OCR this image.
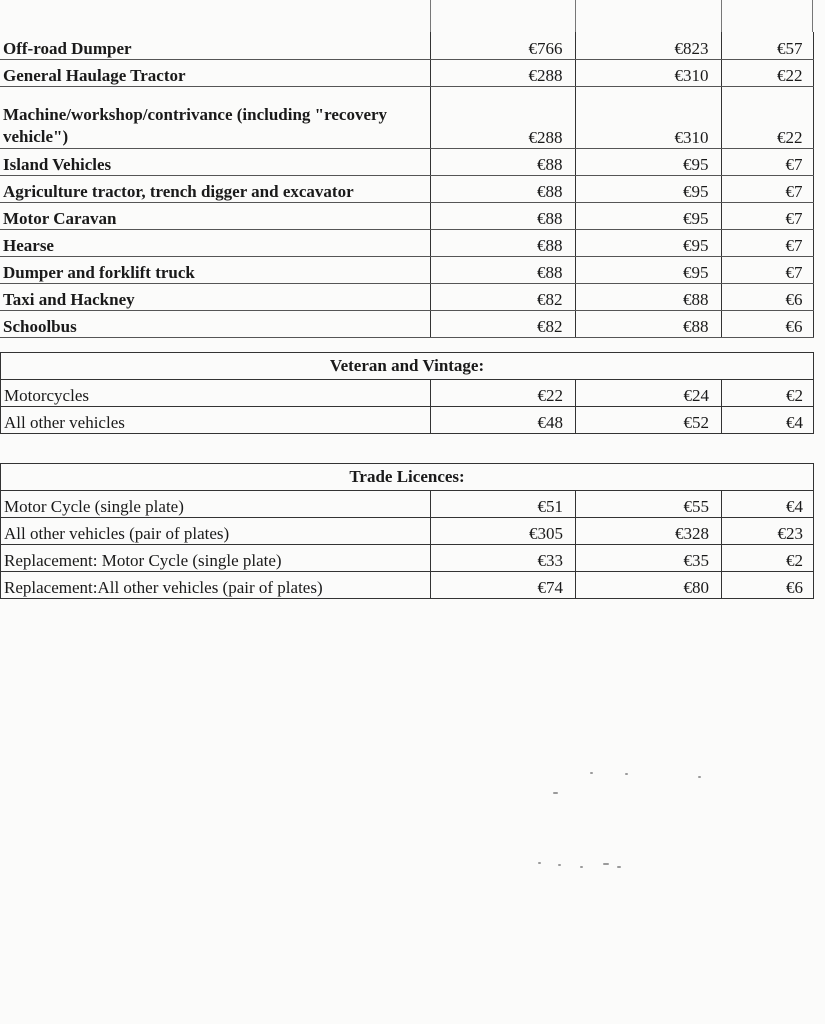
Off-road Dumper	€766	€823	€57
General Haulage Tractor	€288	€310	€22
Machine/workshop/contrivance (including "recovery vehicle")	€288	€310	€22
Island Vehicles	€88	€95	€7
Agriculture tractor, trench digger and excavator	€88	€95	€7
Motor Caravan	€88	€95	€7
Hearse	€88	€95	€7
Dumper and forklift truck	€88	€95	€7
Taxi and Hackney	€82	€88	€6
Schoolbus	€82	€88	€6
Veteran and Vintage:			
Motorcycles	€22	€24	€2
All other vehicles	€48	€52	€4
Trade Licences:			
Motor Cycle (single plate)	€51	€55	€4
All other vehicles (pair of plates)	€305	€328	€23
Replacement: Motor Cycle (single plate)	€33	€35	€2
Replacement:All other vehicles (pair of plates)	€74	€80	€6
